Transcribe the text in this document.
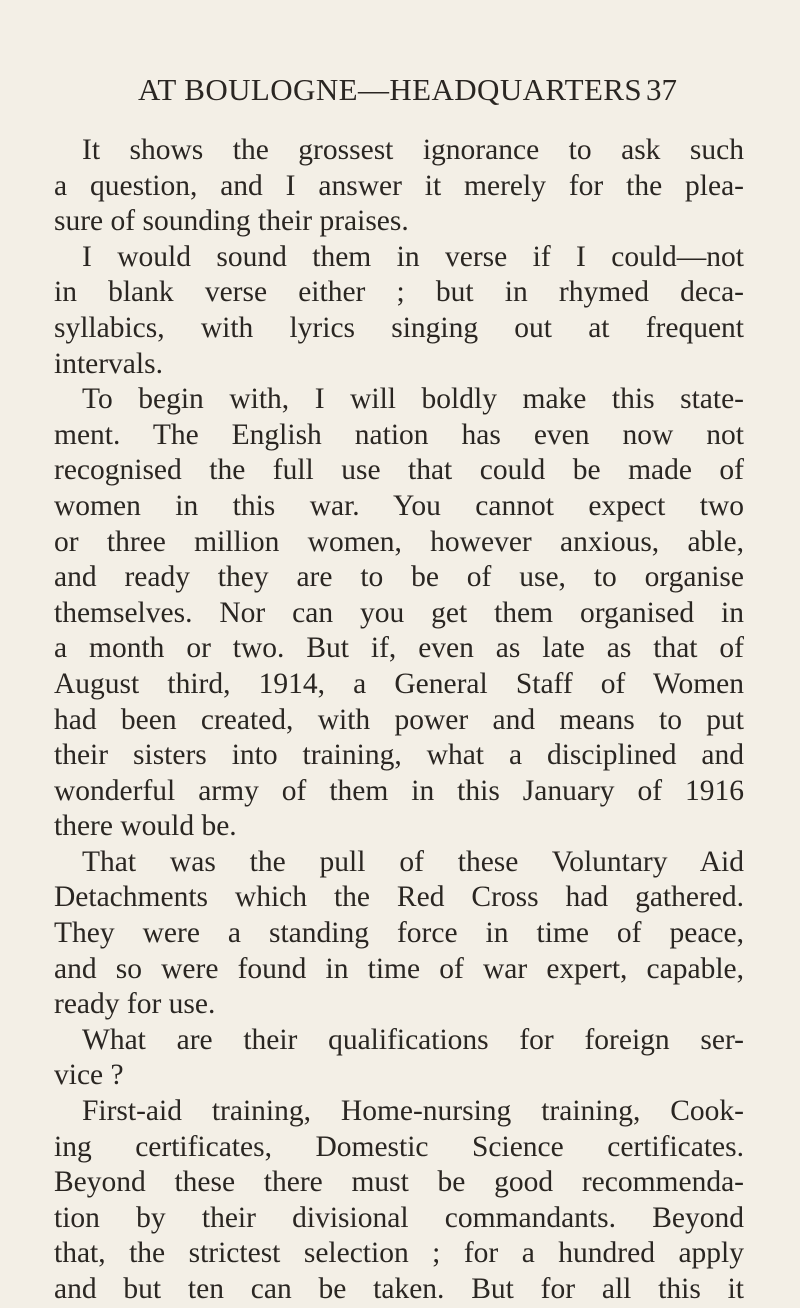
AT BOULOGNE—HEADQUARTERS 37
It shows the grossest ignorance to ask such
a question, and I answer it merely for the plea-
sure of sounding their praises.
I would sound them in verse if I could—not
in blank verse either ; but in rhymed deca-
syllabics, with lyrics singing out at frequent
intervals.
To begin with, I will boldly make this state-
ment. The English nation has even now not
recognised the full use that could be made of
women in this war. You cannot expect two
or three million women, however anxious, able,
and ready they are to be of use, to organise
themselves. Nor can you get them organised in
a month or two. But if, even as late as that of
August third, 1914, a General Staff of Women
had been created, with power and means to put
their sisters into training, what a disciplined and
wonderful army of them in this January of 1916
there would be.
That was the pull of these Voluntary Aid
Detachments which the Red Cross had gathered.
They were a standing force in time of peace,
and so were found in time of war expert, capable,
ready for use.
What are their qualifications for foreign ser-
vice ?
First-aid training, Home-nursing training, Cook-
ing certificates, Domestic Science certificates.
Beyond these there must be good recommenda-
tion by their divisional commandants. Beyond
that, the strictest selection ; for a hundred apply
and but ten can be taken. But for all this it
